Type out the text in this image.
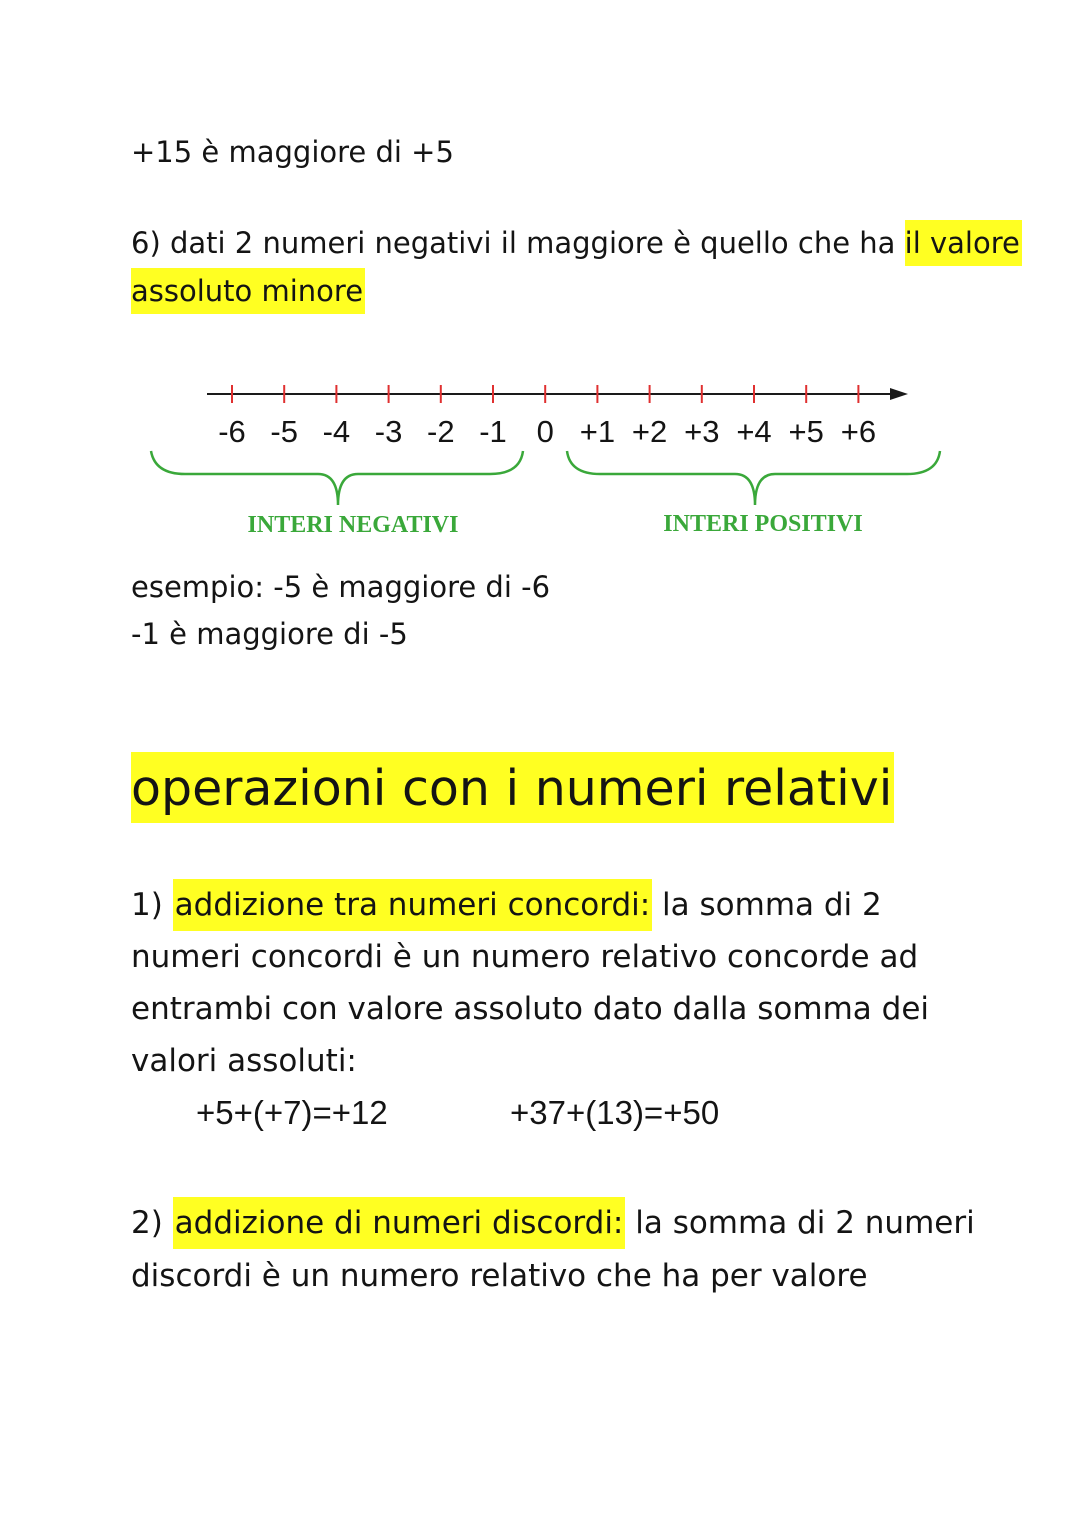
+15 è maggiore di +5
6) dati 2 numeri negativi il maggiore è quello che ha il valore
assoluto minore
-6 -5 -4 -3 -2 -1 0 +1 +2 +3 +4 +5 +6
INTERI NEGATIVI	INTERI POSITIVI
esempio: -5 è maggiore di -6
-1 è maggiore di -5
operazioni con i numeri relativi
1) addizione tra numeri concordi: la somma di 2
numeri concordi è un numero relativo concorde ad
entrambi con valore assoluto dato dalla somma dei
valori assoluti:
+5+(+7)=+12	+37+(13)=+50
2) addizione di numeri discordi: la somma di 2 numeri
discordi è un numero relativo che ha per valore
